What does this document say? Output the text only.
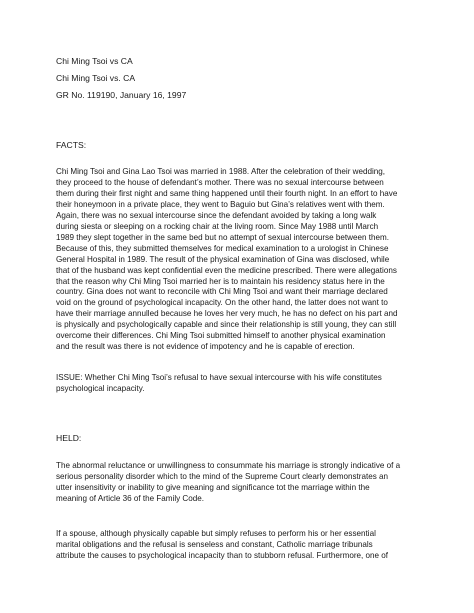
Chi Ming Tsoi vs CA

Chi Ming Tsoi vs. CA

GR No. 119190, January 16, 1997

FACTS:

Chi Ming Tsoi and Gina Lao Tsoi was married in 1988. After the celebration of their wedding,
they proceed to the house of defendant’s mother. There was no sexual intercourse between
them during their first night and same thing happened until their fourth night. In an effort to have
their honeymoon in a private place, they went to Baguio but Gina’s relatives went with them.
Again, there was no sexual intercourse since the defendant avoided by taking a long walk
during siesta or sleeping on a rocking chair at the living room. Since May 1988 until March
1989 they slept together in the same bed but no attempt of sexual intercourse between them.
Because of this, they submitted themselves for medical examination to a urologist in Chinese
General Hospital in 1989. The result of the physical examination of Gina was disclosed, while
that of the husband was kept confidential even the medicine prescribed. There were allegations
that the reason why Chi Ming Tsoi married her is to maintain his residency status here in the
country. Gina does not want to reconcile with Chi Ming Tsoi and want their marriage declared
void on the ground of psychological incapacity. On the other hand, the latter does not want to
have their marriage annulled because he loves her very much, he has no defect on his part and
is physically and psychologically capable and since their relationship is still young, they can still
overcome their differences. Chi Ming Tsoi submitted himself to another physical examination
and the result was there is not evidence of impotency and he is capable of erection.
ISSUE: Whether Chi Ming Tsoi’s refusal to have sexual intercourse with his wife constitutes
psychological incapacity.

HELD:

The abnormal reluctance or unwillingness to consummate his marriage is strongly indicative of a
serious personality disorder which to the mind of the Supreme Court clearly demonstrates an
utter insensitivity or inability to give meaning and significance tot the marriage within the
meaning of Article 36 of the Family Code.
If a spouse, although physically capable but simply refuses to perform his or her essential
marital obligations and the refusal is senseless and constant, Catholic marriage tribunals
attribute the causes to psychological incapacity than to stubborn refusal. Furthermore, one of
